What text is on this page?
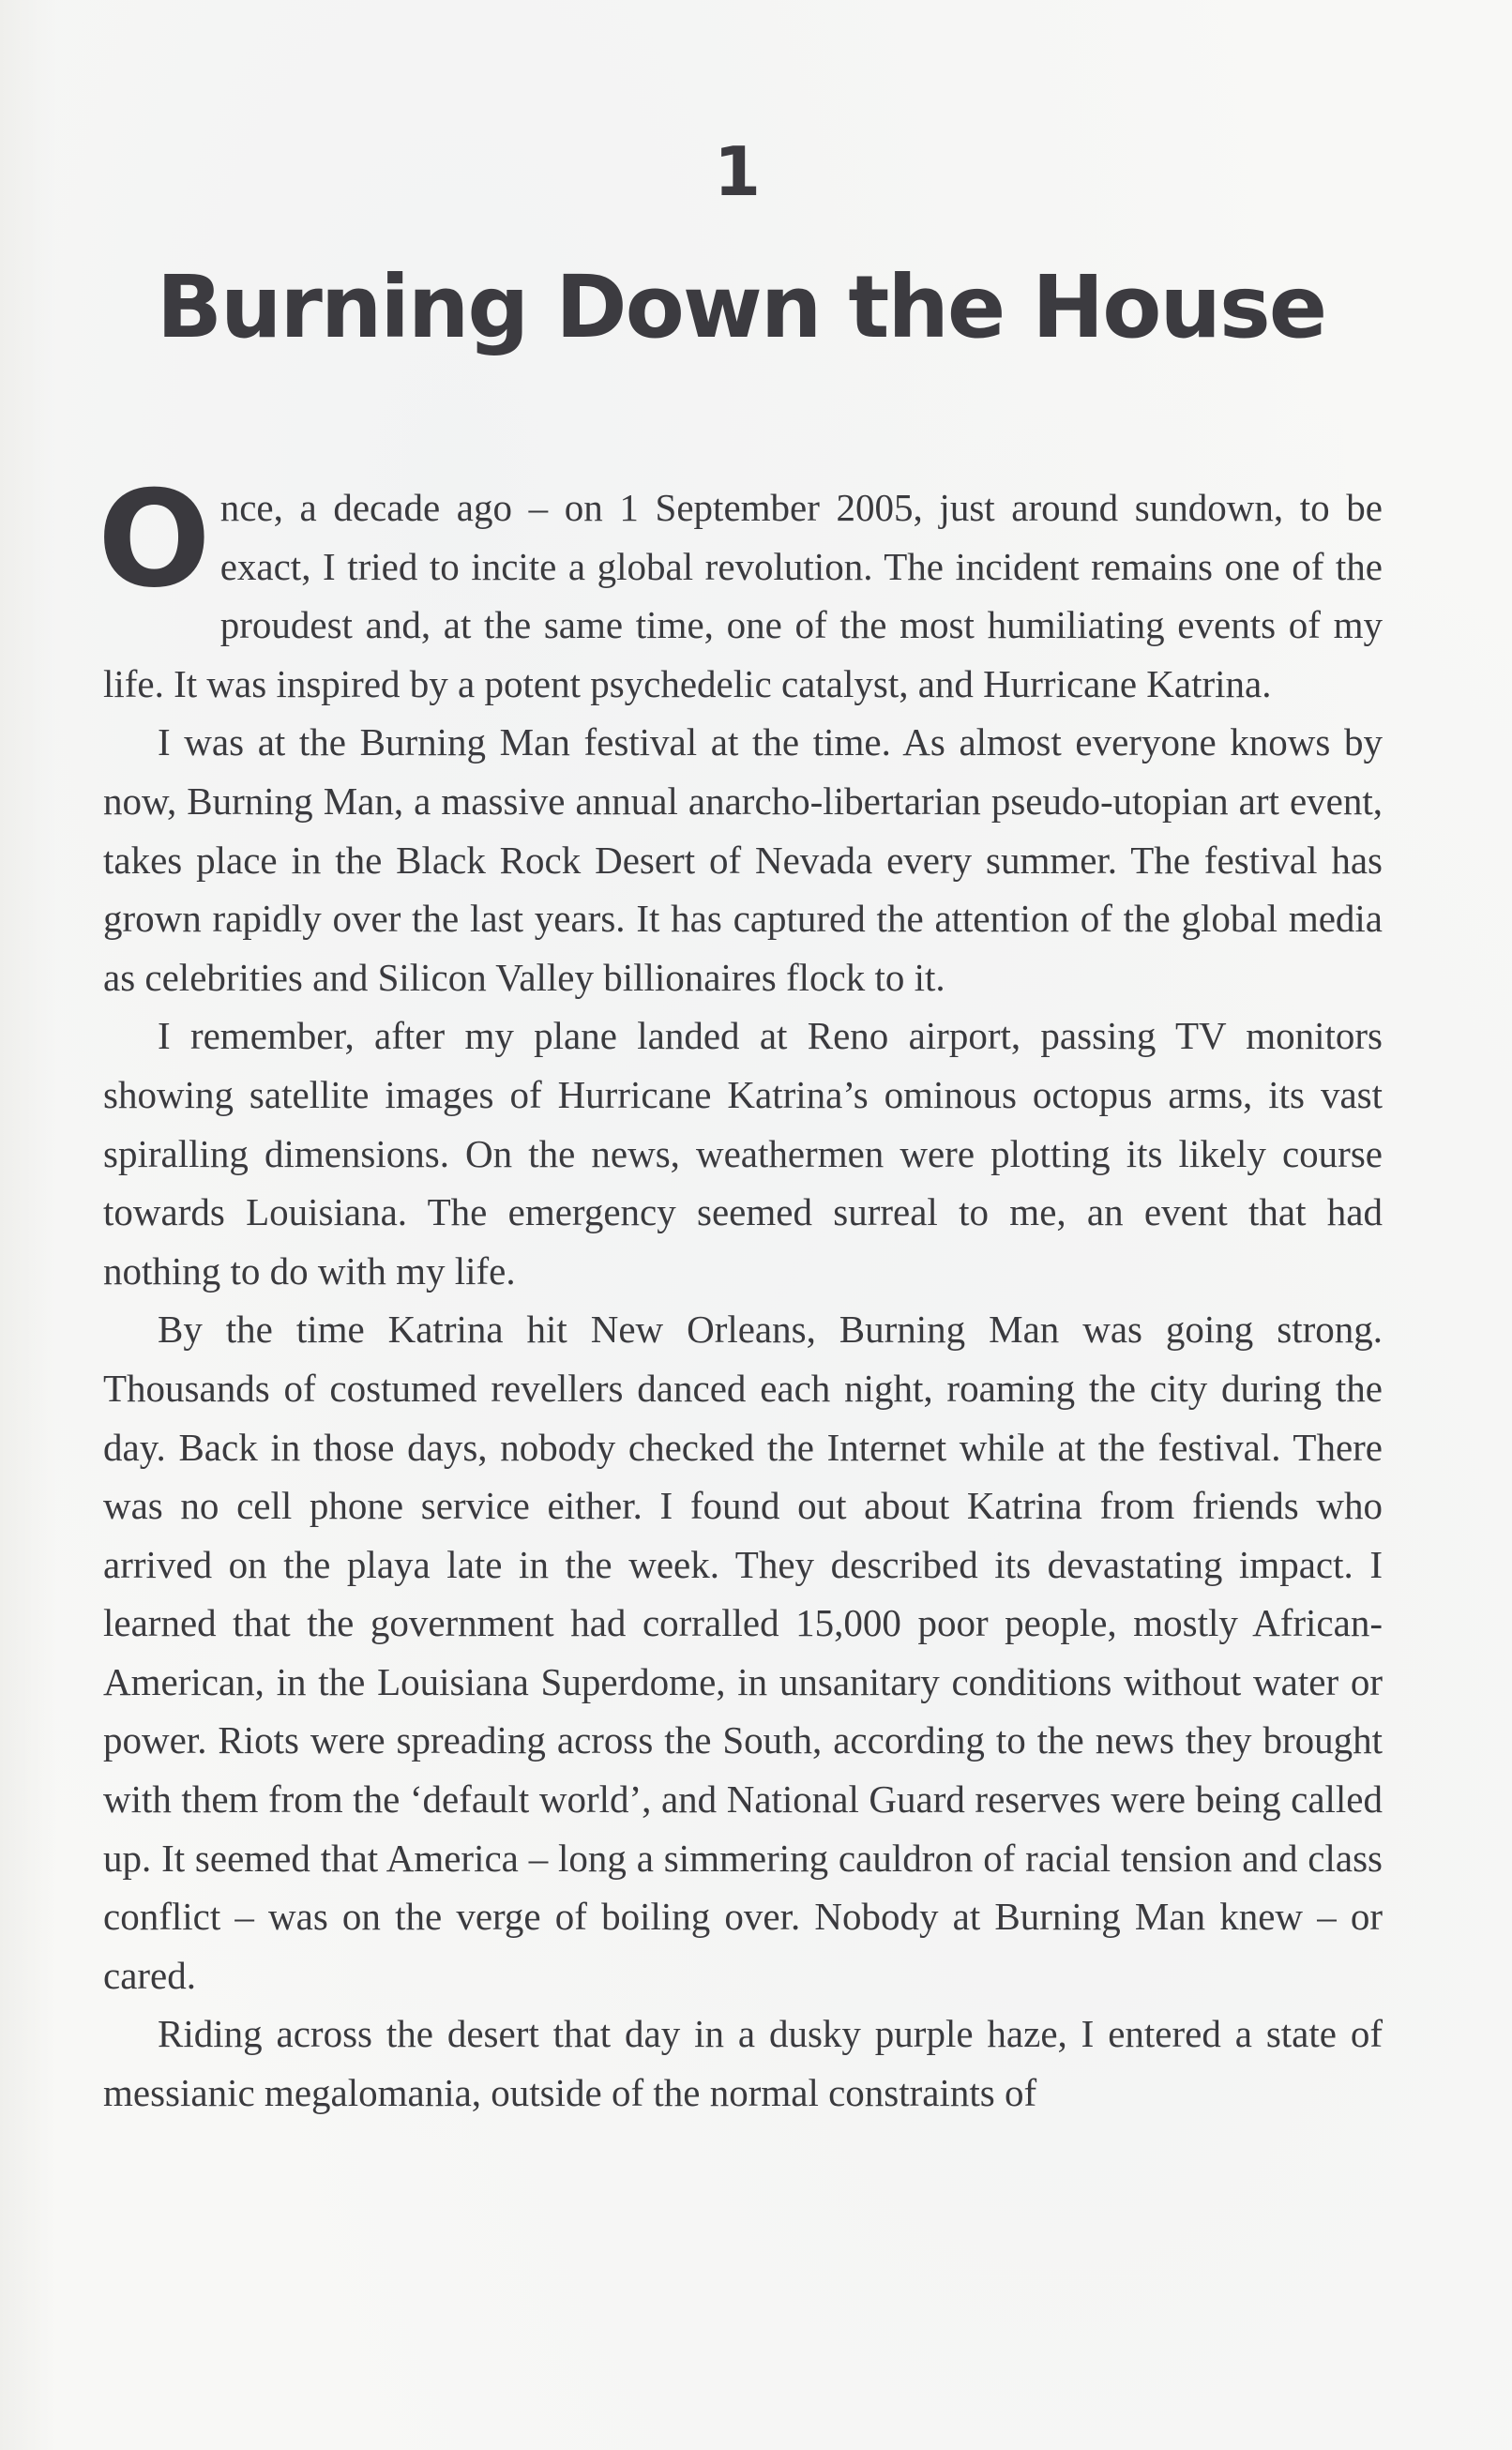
1
Burning Down the House

Once, a decade ago – on 1 September 2005, just around sundown, to be exact, I tried to incite a global revolution. The incident remains one of the proudest and, at the same time, one of the most humiliating events of my life. It was inspired by a potent psychedelic catalyst, and Hurricane Katrina.

I was at the Burning Man festival at the time. As almost everyone knows by now, Burning Man, a massive annual anarcho-libertarian pseudo-utopian art event, takes place in the Black Rock Desert of Nevada every summer. The festival has grown rapidly over the last years. It has captured the attention of the global media as celebrities and Silicon Valley billionaires flock to it.

I remember, after my plane landed at Reno airport, passing TV monitors showing satellite images of Hurricane Katrina’s ominous octopus arms, its vast spiralling dimensions. On the news, weathermen were plotting its likely course towards Louisiana. The emergency seemed surreal to me, an event that had nothing to do with my life.

By the time Katrina hit New Orleans, Burning Man was going strong. Thousands of costumed revellers danced each night, roaming the city during the day. Back in those days, nobody checked the Internet while at the festival. There was no cell phone service either. I found out about Katrina from friends who arrived on the playa late in the week. They described its devastating impact. I learned that the government had corralled 15,000 poor people, mostly African-American, in the Louisiana Superdome, in unsanitary conditions without water or power. Riots were spreading across the South, according to the news they brought with them from the ‘default world’, and National Guard reserves were being called up. It seemed that America – long a simmering cauldron of racial tension and class conflict – was on the verge of boiling over. Nobody at Burning Man knew – or cared.

Riding across the desert that day in a dusky purple haze, I entered a state of messianic megalomania, outside of the normal constraints of
